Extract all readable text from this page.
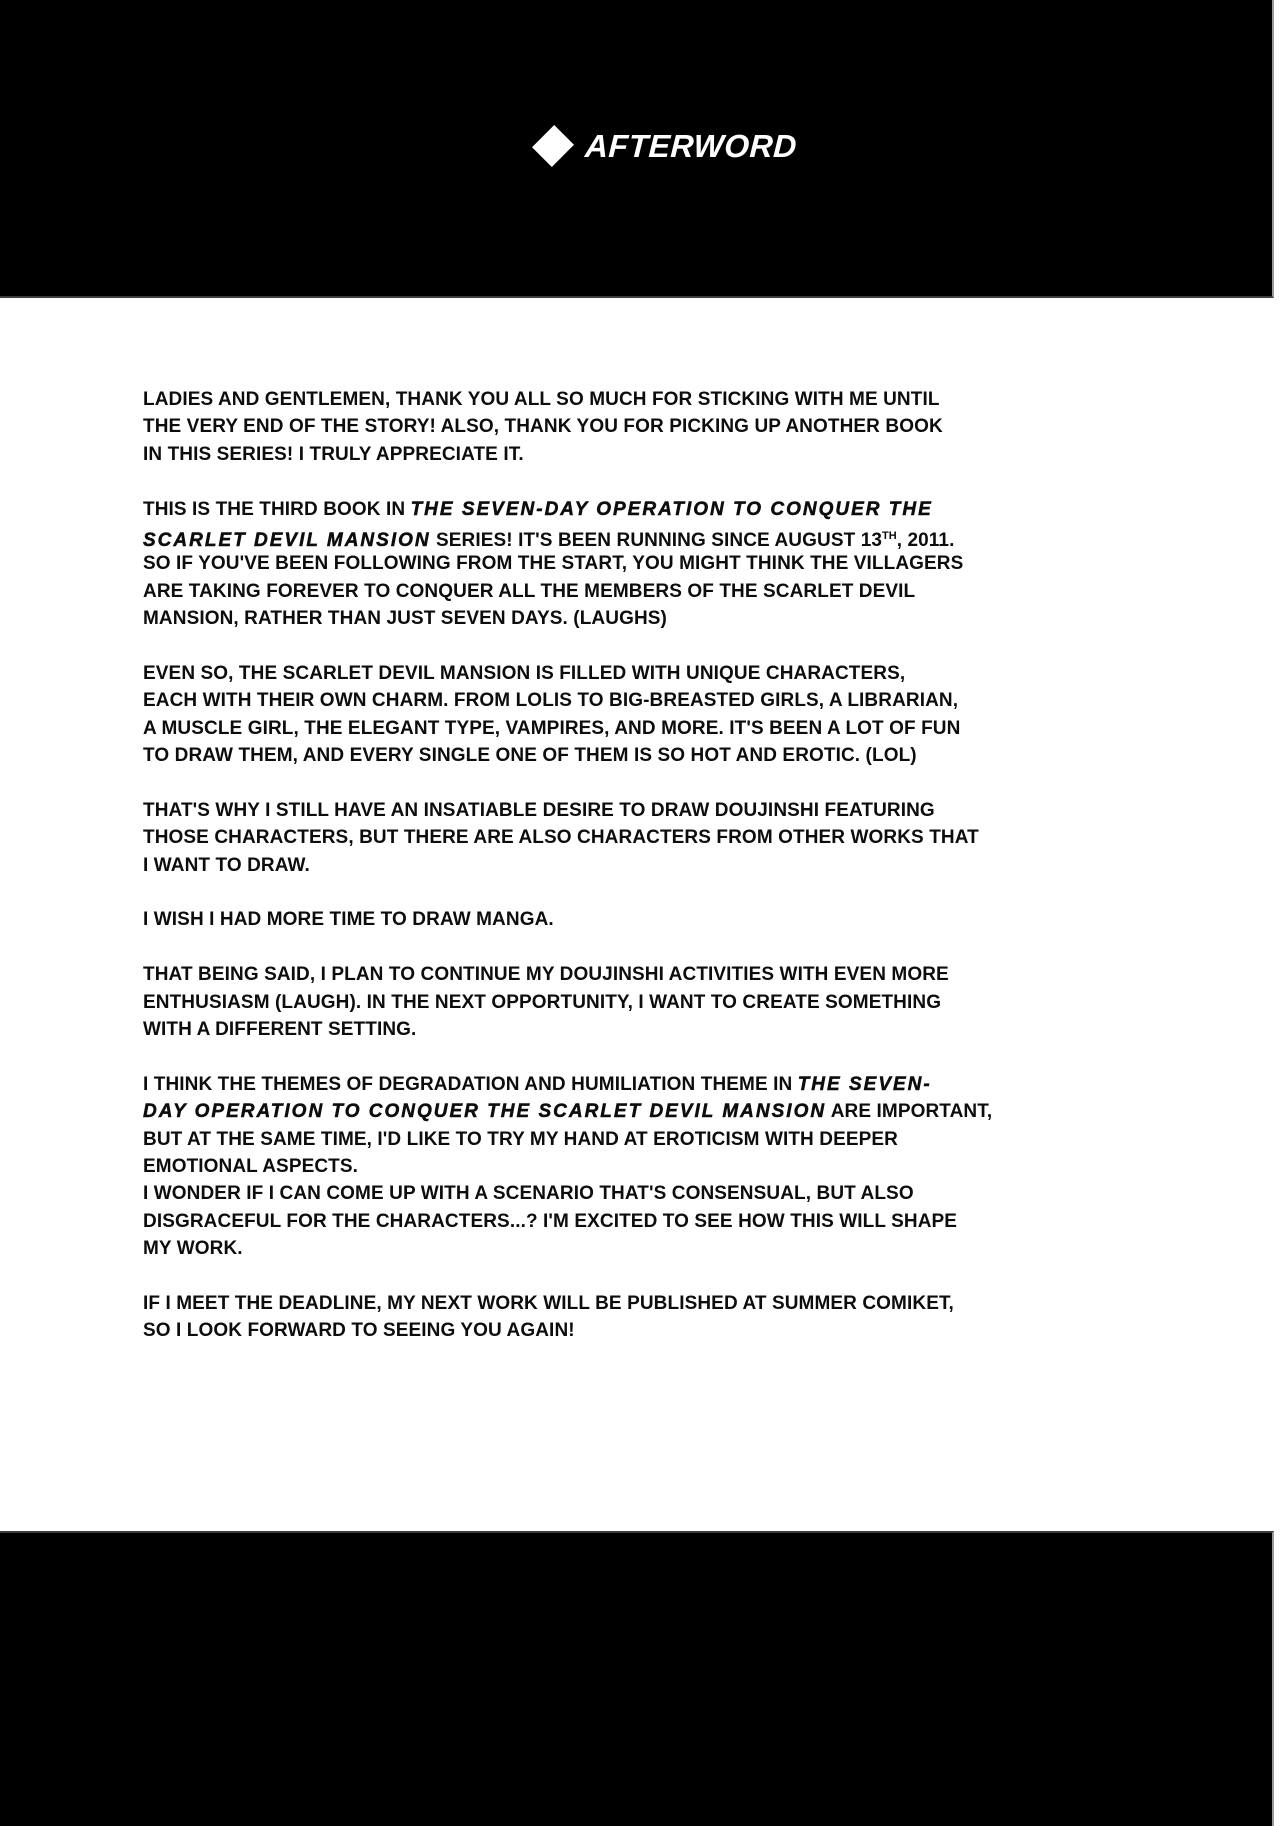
AFTERWORD
LADIES AND GENTLEMEN, THANK YOU ALL SO MUCH FOR STICKING WITH ME UNTIL
THE VERY END OF THE STORY! ALSO, THANK YOU FOR PICKING UP ANOTHER BOOK
IN THIS SERIES! I TRULY APPRECIATE IT.
THIS IS THE THIRD BOOK IN THE SEVEN-DAY OPERATION TO CONQUER THE
SCARLET DEVIL MANSION SERIES! IT'S BEEN RUNNING SINCE AUGUST 13TH, 2011.
SO IF YOU'VE BEEN FOLLOWING FROM THE START, YOU MIGHT THINK THE VILLAGERS
ARE TAKING FOREVER TO CONQUER ALL THE MEMBERS OF THE SCARLET DEVIL
MANSION, RATHER THAN JUST SEVEN DAYS. (LAUGHS)
EVEN SO, THE SCARLET DEVIL MANSION IS FILLED WITH UNIQUE CHARACTERS,
EACH WITH THEIR OWN CHARM. FROM LOLIS TO BIG-BREASTED GIRLS, A LIBRARIAN,
A MUSCLE GIRL, THE ELEGANT TYPE, VAMPIRES, AND MORE. IT'S BEEN A LOT OF FUN
TO DRAW THEM, AND EVERY SINGLE ONE OF THEM IS SO HOT AND EROTIC. (LOL)
THAT'S WHY I STILL HAVE AN INSATIABLE DESIRE TO DRAW DOUJINSHI FEATURING
THOSE CHARACTERS, BUT THERE ARE ALSO CHARACTERS FROM OTHER WORKS THAT
I WANT TO DRAW.
I WISH I HAD MORE TIME TO DRAW MANGA.
THAT BEING SAID, I PLAN TO CONTINUE MY DOUJINSHI ACTIVITIES WITH EVEN MORE
ENTHUSIASM (LAUGH). IN THE NEXT OPPORTUNITY, I WANT TO CREATE SOMETHING
WITH A DIFFERENT SETTING.
I THINK THE THEMES OF DEGRADATION AND HUMILIATION THEME IN THE SEVEN-
DAY OPERATION TO CONQUER THE SCARLET DEVIL MANSION ARE IMPORTANT,
BUT AT THE SAME TIME, I'D LIKE TO TRY MY HAND AT EROTICISM WITH DEEPER
EMOTIONAL ASPECTS.
I WONDER IF I CAN COME UP WITH A SCENARIO THAT'S CONSENSUAL, BUT ALSO
DISGRACEFUL FOR THE CHARACTERS...? I'M EXCITED TO SEE HOW THIS WILL SHAPE
MY WORK.
IF I MEET THE DEADLINE, MY NEXT WORK WILL BE PUBLISHED AT SUMMER COMIKET,
SO I LOOK FORWARD TO SEEING YOU AGAIN!
